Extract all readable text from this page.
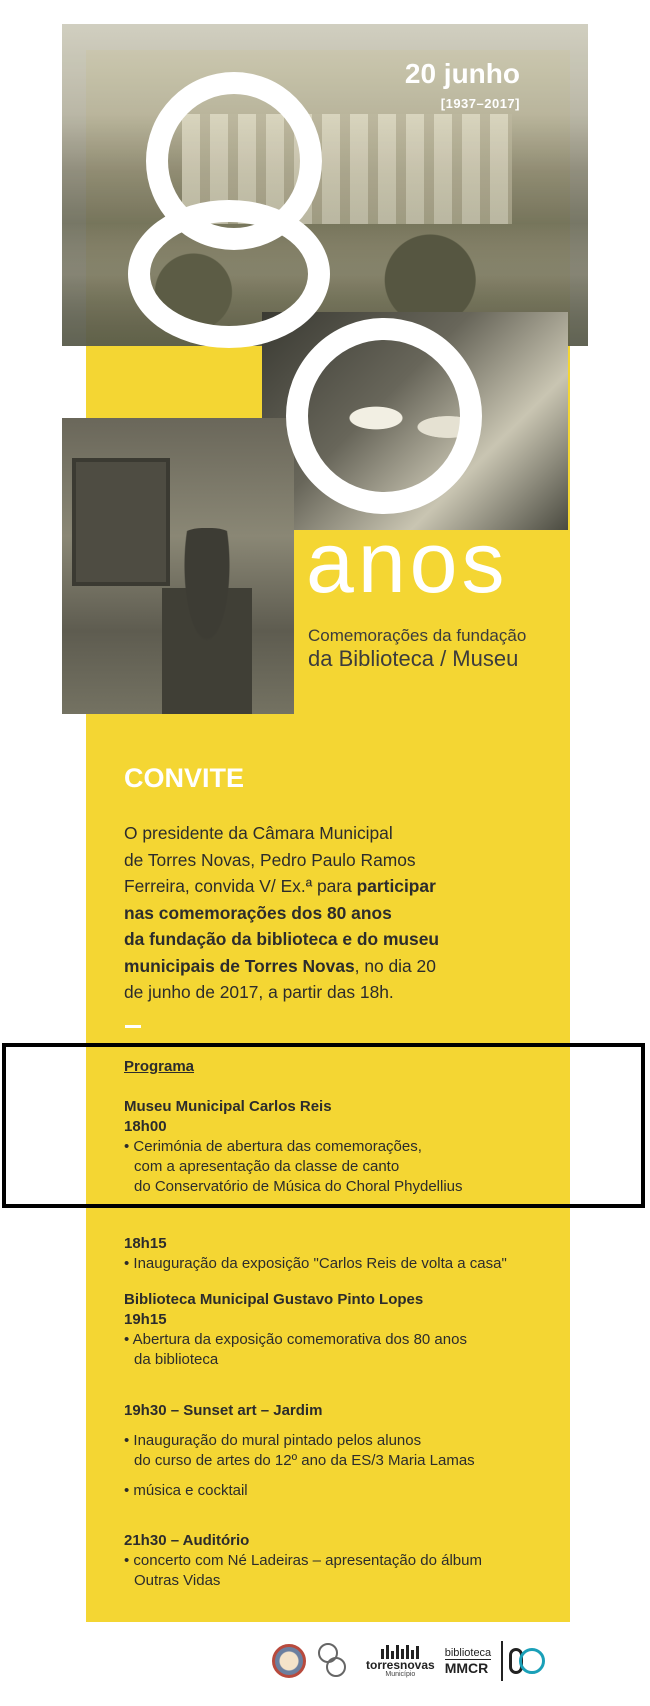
20 junho
[1937–2017]
anos
Comemorações da fundação
da Biblioteca / Museu
CONVITE
O presidente da Câmara Municipal
de Torres Novas, Pedro Paulo Ramos
Ferreira, convida V/ Ex.ª para participar
nas comemorações dos 80 anos
da fundação da biblioteca e do museu
municipais de Torres Novas, no dia 20
de junho de 2017, a partir das 18h.
Programa
Museu Municipal Carlos Reis
18h00
• Cerimónia de abertura das comemorações,
com a apresentação da classe de canto
do Conservatório de Música do Choral Phydellius
18h15
• Inauguração da exposição "Carlos Reis de volta a casa"
Biblioteca Municipal Gustavo Pinto Lopes
19h15
• Abertura da exposição comemorativa dos 80 anos
da biblioteca
19h30 – Sunset art – Jardim
• Inauguração do mural pintado pelos alunos
do curso de artes do 12º ano da ES/3 Maria Lamas
• música e cocktail
21h30 – Auditório
• concerto com Né Ladeiras – apresentação do álbum
Outras Vidas
torresnovas
Município
biblioteca
MMCR
